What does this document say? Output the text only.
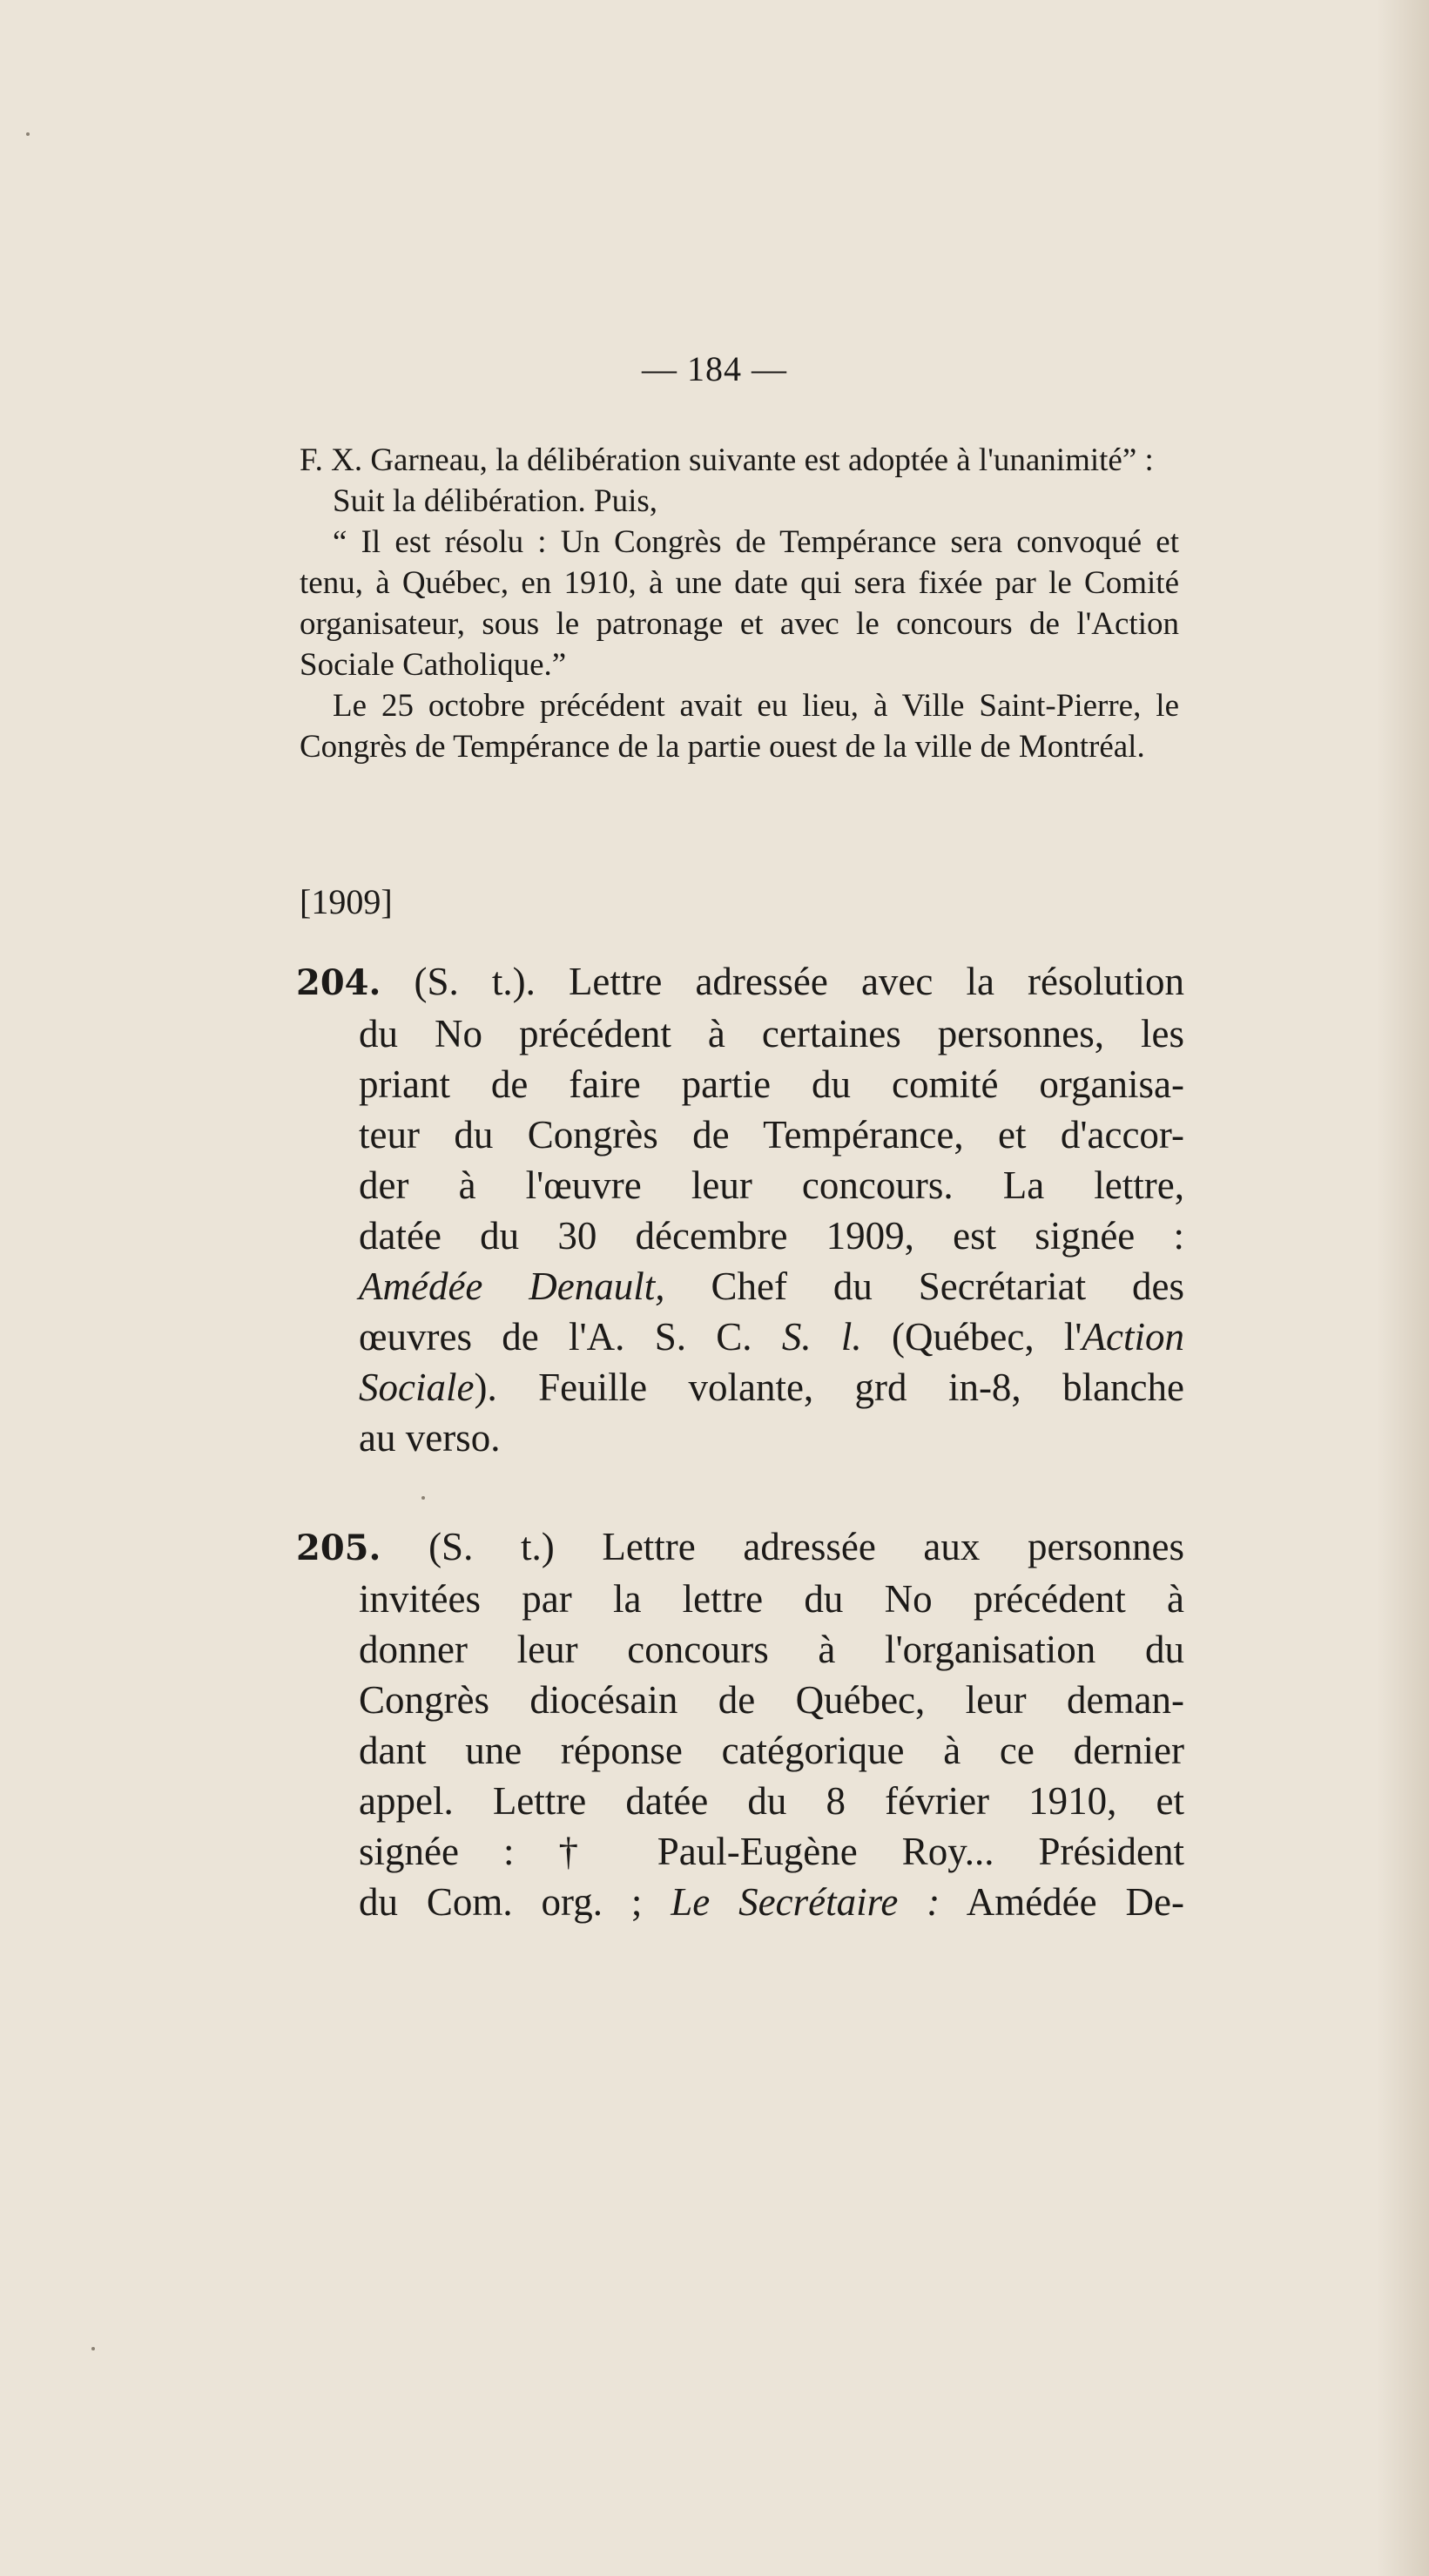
— 184 —

F. X. Garneau, la délibération suivante est adoptée à l'unanimité” :

Suit la délibération. Puis,

“ Il est résolu : Un Congrès de Tempérance sera convoqué et tenu, à Québec, en 1910, à une date qui sera fixée par le Comité organisateur, sous le patronage et avec le concours de l'Action Sociale Catholique.”

Le 25 octobre précédent avait eu lieu, à Ville Saint-Pierre, le Congrès de Tempérance de la partie ouest de la ville de Montréal.

[1909]
204. (S. t.). Lettre adressée avec la résolution
du No précédent à certaines personnes, les
priant de faire partie du comité organisa-
teur du Congrès de Tempérance, et d'accor-
der à l'œuvre leur concours. La lettre,
datée du 30 décembre 1909, est signée :
Amédée Denault, Chef du Secrétariat des
œuvres de l'A. S. C. S. l. (Québec, l'Action
Sociale). Feuille volante, grd in-8, blanche
au verso.
205. (S. t.) Lettre adressée aux personnes
invitées par la lettre du No précédent à
donner leur concours à l'organisation du
Congrès diocésain de Québec, leur deman-
dant une réponse catégorique à ce dernier
appel. Lettre datée du 8 février 1910, et
signée : † Paul-Eugène Roy... Président
du Com. org. ; Le Secrétaire : Amédée De-
